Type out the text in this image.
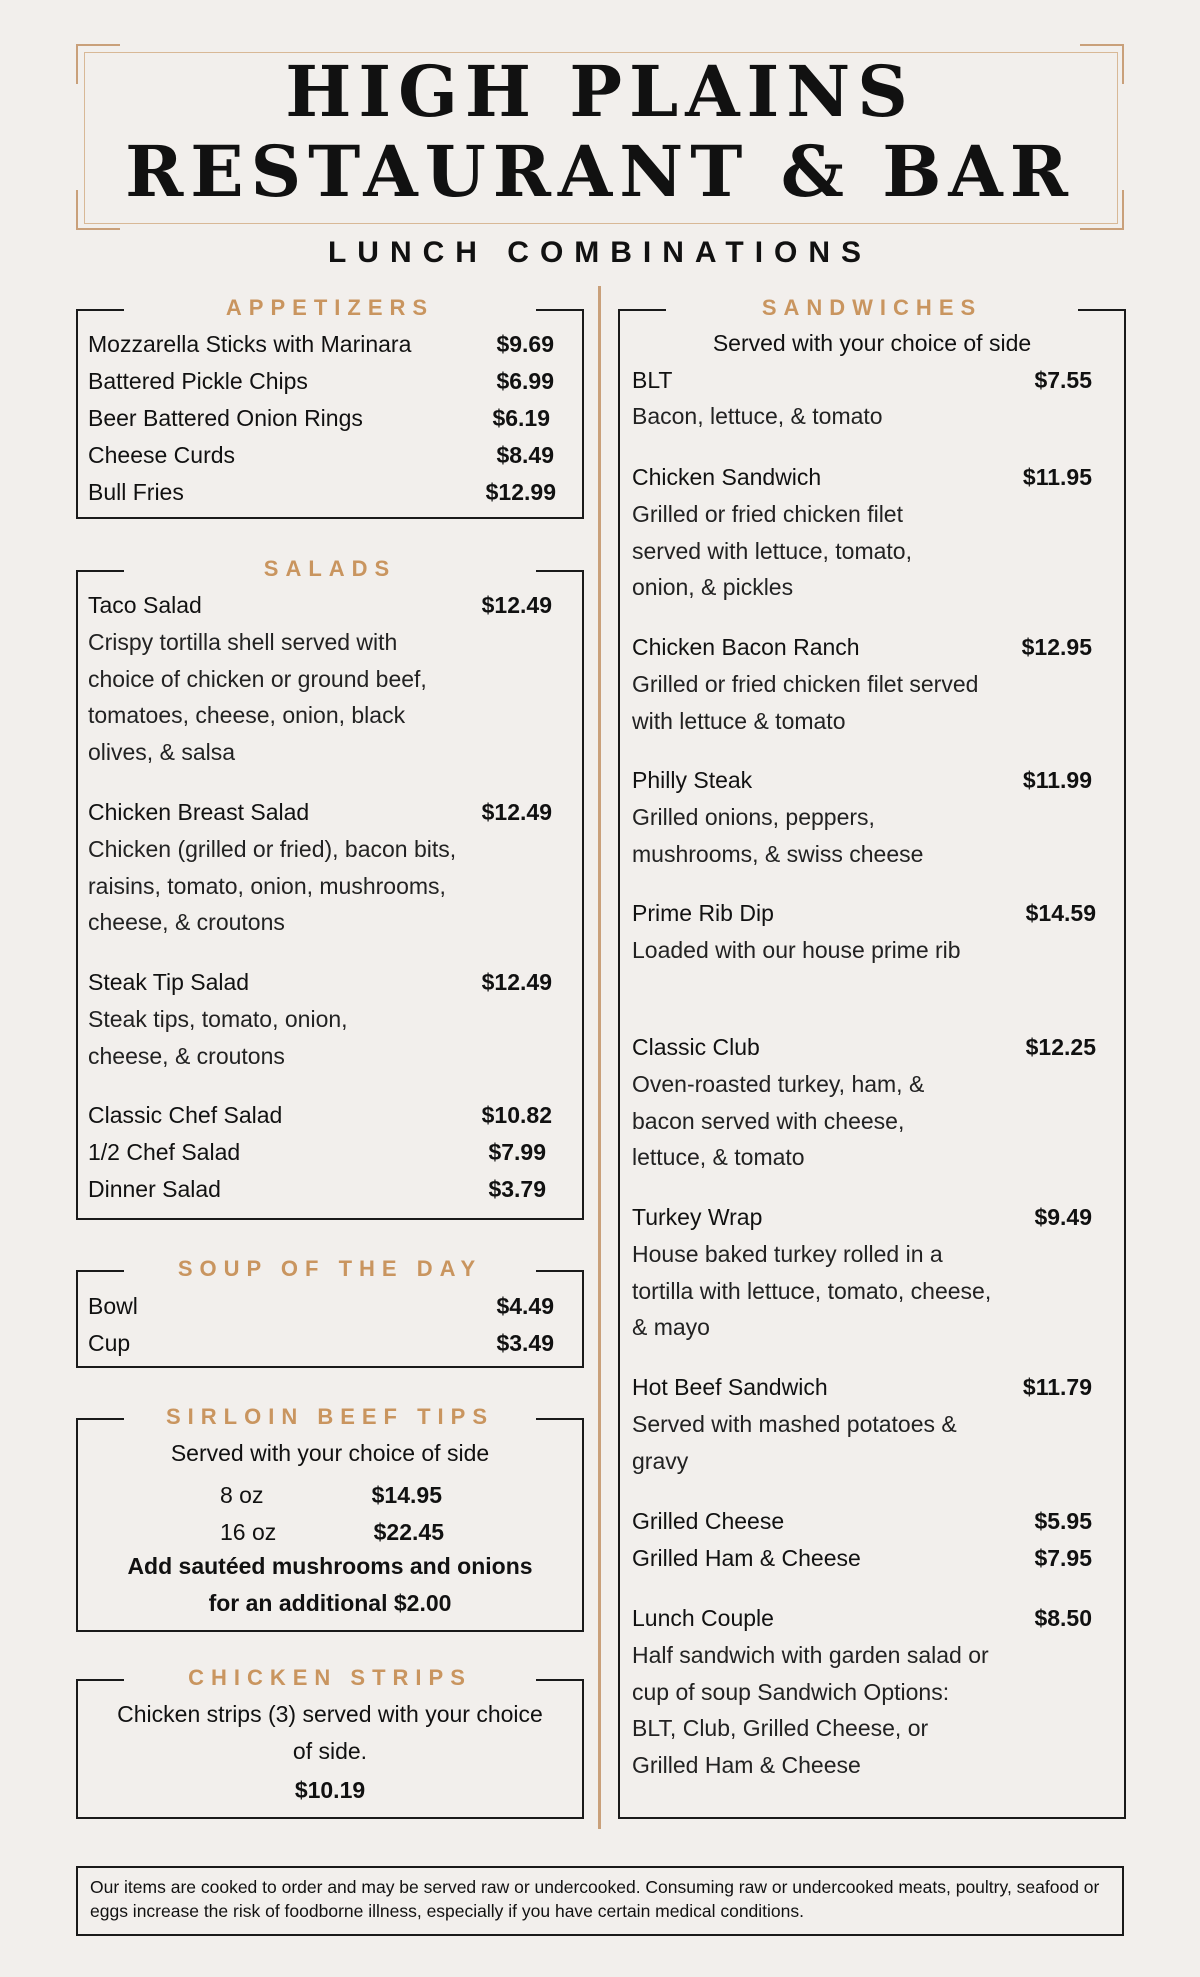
HIGH PLAINS
RESTAURANT & BAR
LUNCH COMBINATIONS
APPETIZERS
Mozzarella Sticks with Marinara	$9.69
Battered Pickle Chips	$6.99
Beer Battered Onion Rings	$6.19
Cheese Curds	$8.49
Bull Fries	$12.99
SALADS
Taco Salad	$12.49
Crispy tortilla shell served with choice of chicken or ground beef, tomatoes, cheese, onion, black olives, & salsa
Chicken Breast Salad	$12.49
Chicken (grilled or fried), bacon bits, raisins, tomato, onion, mushrooms, cheese, & croutons
Steak Tip Salad	$12.49
Steak tips, tomato, onion, cheese, & croutons
Classic Chef Salad	$10.82
1/2 Chef Salad	$7.99
Dinner Salad	$3.79
SOUP OF THE DAY
Bowl	$4.49
Cup	$3.49
SIRLOIN BEEF TIPS
Served with your choice of side
8 oz	$14.95
16 oz	$22.45
Add sautéed mushrooms and onions
for an additional $2.00
CHICKEN STRIPS
Chicken strips (3) served with your choice
of side.
$10.19
SANDWICHES
Served with your choice of side
BLT	$7.55
Bacon, lettuce, & tomato
Chicken Sandwich	$11.95
Grilled or fried chicken filet served with lettuce, tomato, onion, & pickles
Chicken Bacon Ranch	$12.95
Grilled or fried chicken filet served with lettuce & tomato
Philly Steak	$11.99
Grilled onions, peppers, mushrooms, & swiss cheese
Prime Rib Dip	$14.59
Loaded with our house prime rib
Classic Club	$12.25
Oven-roasted turkey, ham, & bacon served with cheese, lettuce, & tomato
Turkey Wrap	$9.49
House baked turkey rolled in a tortilla with lettuce, tomato, cheese, & mayo
Hot Beef Sandwich	$11.79
Served with mashed potatoes & gravy
Grilled Cheese	$5.95
Grilled Ham & Cheese	$7.95
Lunch Couple	$8.50
Half sandwich with garden salad or cup of soup Sandwich Options: BLT, Club, Grilled Cheese, or Grilled Ham & Cheese
Our items are cooked to order and may be served raw or undercooked. Consuming raw or undercooked meats, poultry, seafood or eggs increase the risk of foodborne illness, especially if you have certain medical conditions.
